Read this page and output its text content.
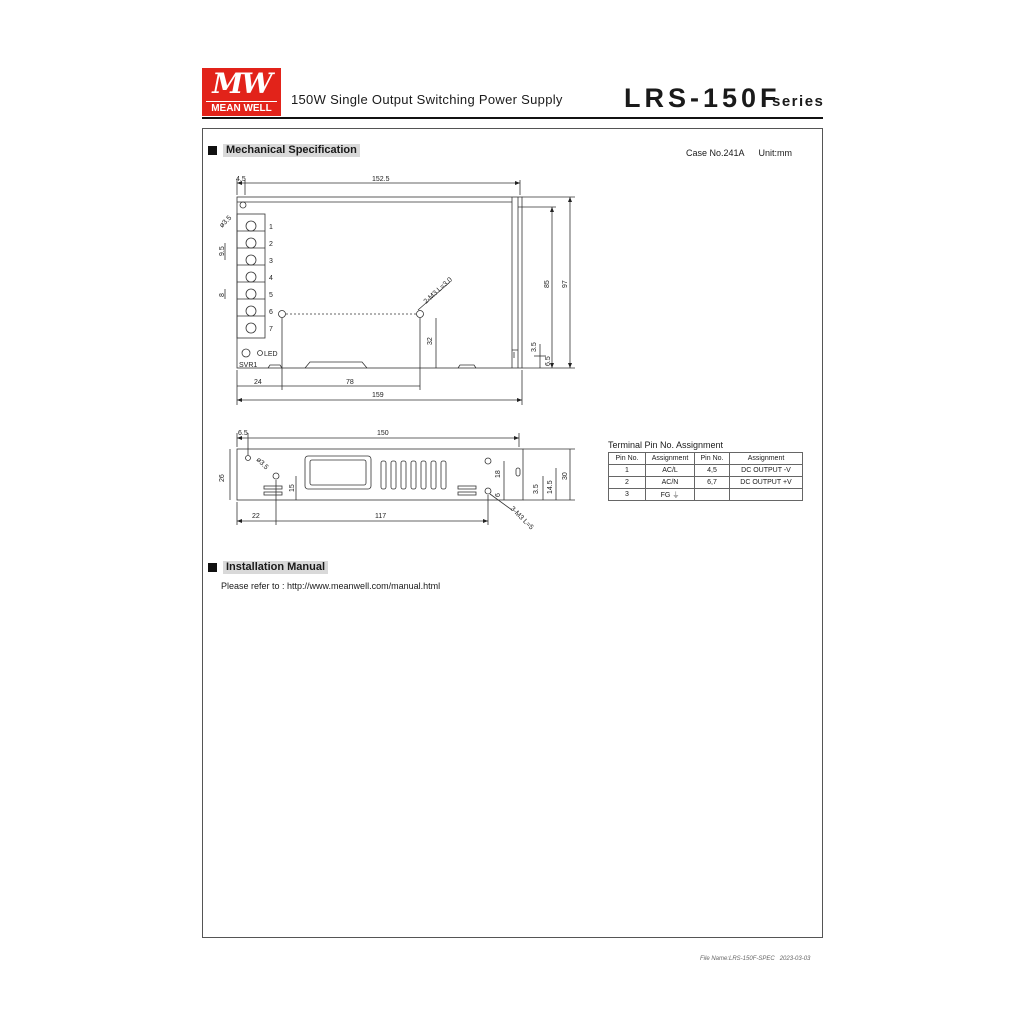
MW
MEAN WELL
150W Single Output Switching Power Supply LRS-150F
series
Mechanical Specification	Case No.241A Unit:mm
4.5	152.5
159
24	78
32
85 97
3.5
6.5
9.5
8
ø3.5
2-M3 L=3.0
1
2
3
4
5
6
7
LED
SVR1
6.5	150
26
22	117
15
18
6
3.5 14.5
30
ø3.5
3-M3 L=5
Terminal Pin No. Assignment
Pin No.	Assignment	Pin No.	Assignment
1	AC/L	4,5	DC OUTPUT -V
2	AC/N	6,7	DC OUTPUT +V
3	FG ⏚		
Installation Manual
Please refer to : http://www.meanwell.com/manual.html
File Name:LRS-150F-SPEC 2023-03-03
